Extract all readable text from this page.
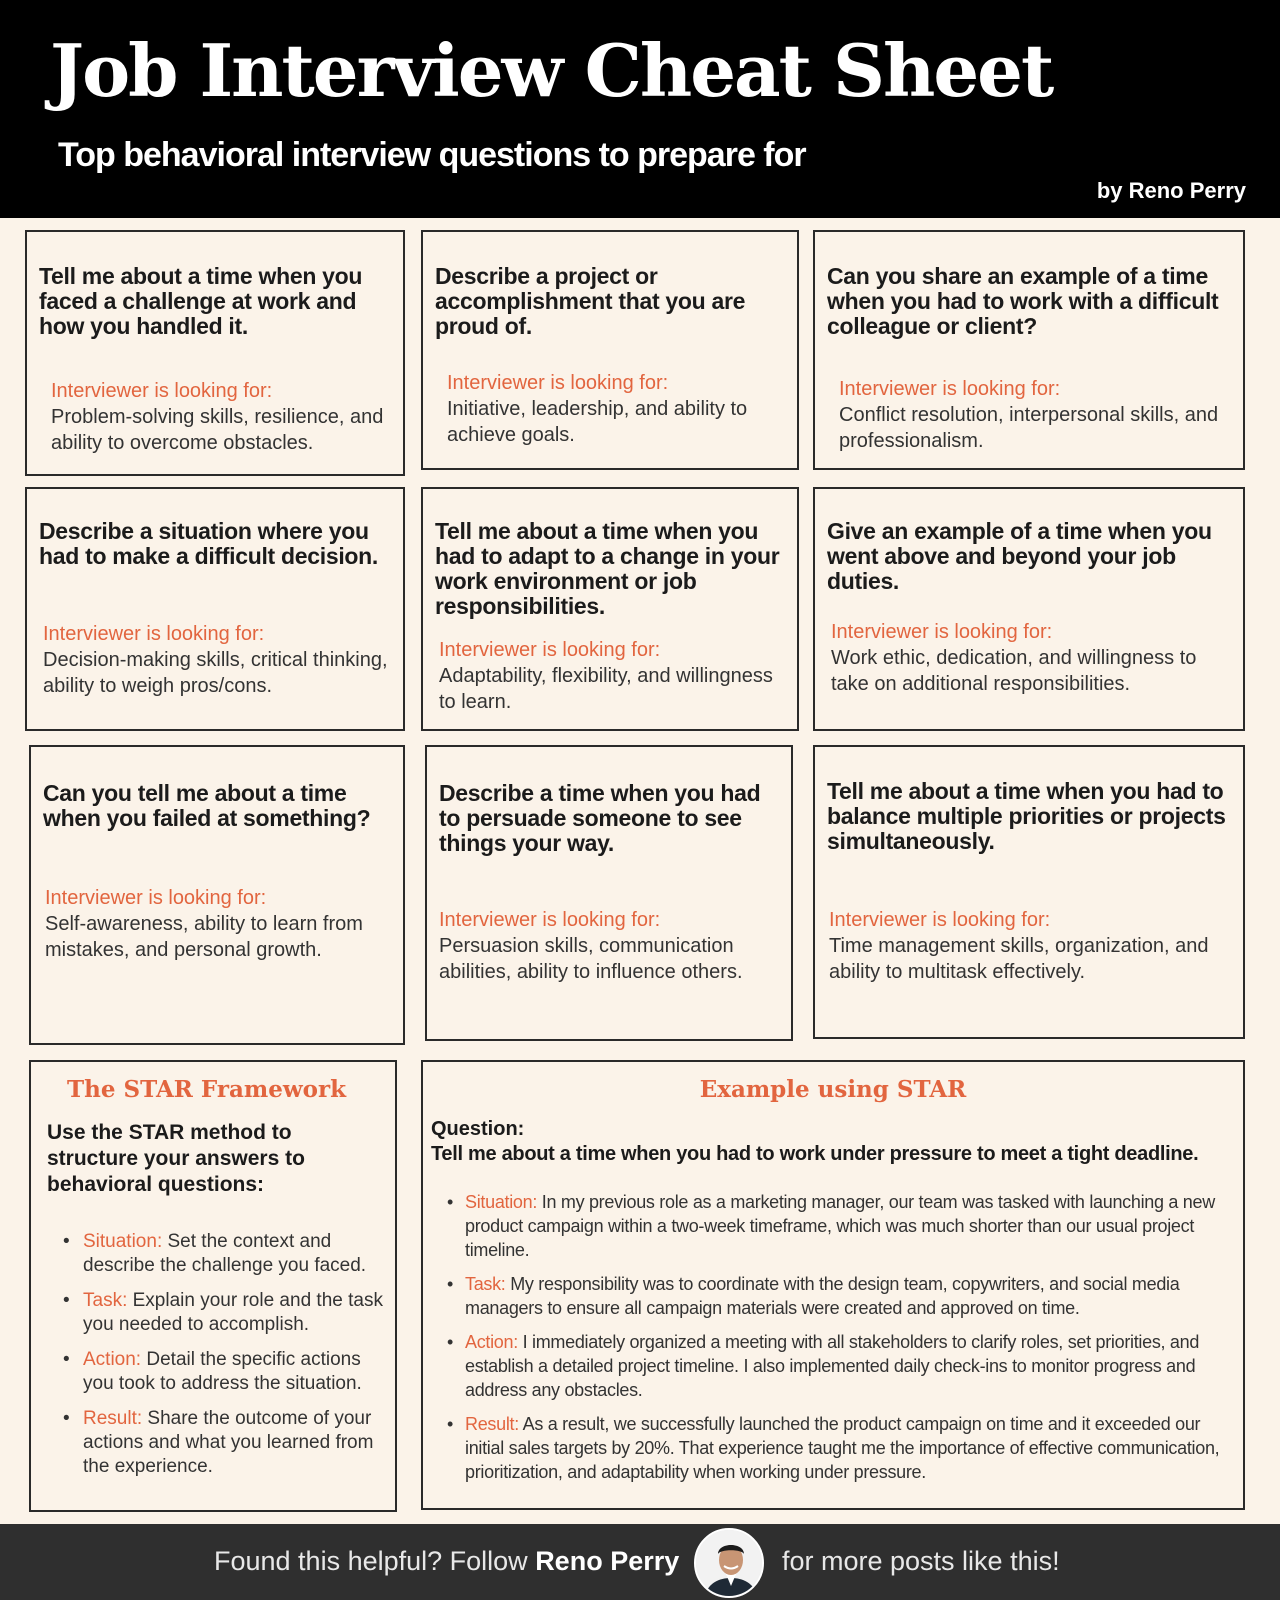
Job Interview Cheat Sheet
Top behavioral interview questions to prepare for
by Reno Perry
Tell me about a time when you faced a challenge at work and how you handled it.
Interviewer is looking for:
Problem-solving skills, resilience, and ability to overcome obstacles.
Describe a project or accomplishment that you are proud of.
Interviewer is looking for:
Initiative, leadership, and ability to achieve goals.
Can you share an example of a time when you had to work with a difficult colleague or client?
Interviewer is looking for:
Conflict resolution, interpersonal skills, and professionalism.
Describe a situation where you had to make a difficult decision.
Interviewer is looking for:
Decision-making skills, critical thinking, ability to weigh pros/cons.
Tell me about a time when you had to adapt to a change in your work environment or job responsibilities.
Interviewer is looking for:
Adaptability, flexibility, and willingness to learn.
Give an example of a time when you went above and beyond your job duties.
Interviewer is looking for:
Work ethic, dedication, and willingness to take on additional responsibilities.
Can you tell me about a time when you failed at something?
Interviewer is looking for:
Self-awareness, ability to learn from mistakes, and personal growth.
Describe a time when you had to persuade someone to see things your way.
Interviewer is looking for:
Persuasion skills, communication abilities, ability to influence others.
Tell me about a time when you had to balance multiple priorities or projects simultaneously.
Interviewer is looking for:
Time management skills, organization, and ability to multitask effectively.
The STAR Framework
Use the STAR method to structure your answers to behavioral questions:
• Situation: Set the context and describe the challenge you faced.
• Task: Explain your role and the task you needed to accomplish.
• Action: Detail the specific actions you took to address the situation.
• Result: Share the outcome of your actions and what you learned from the experience.
Example using STAR
Question:
Tell me about a time when you had to work under pressure to meet a tight deadline.
• Situation: In my previous role as a marketing manager, our team was tasked with launching a new product campaign within a two-week timeframe, which was much shorter than our usual project timeline.
• Task: My responsibility was to coordinate with the design team, copywriters, and social media managers to ensure all campaign materials were created and approved on time.
• Action: I immediately organized a meeting with all stakeholders to clarify roles, set priorities, and establish a detailed project timeline. I also implemented daily check-ins to monitor progress and address any obstacles.
• Result: As a result, we successfully launched the product campaign on time and it exceeded our initial sales targets by 20%. That experience taught me the importance of effective communication, prioritization, and adaptability when working under pressure.
Found this helpful? Follow Reno Perry	for more posts like this!
